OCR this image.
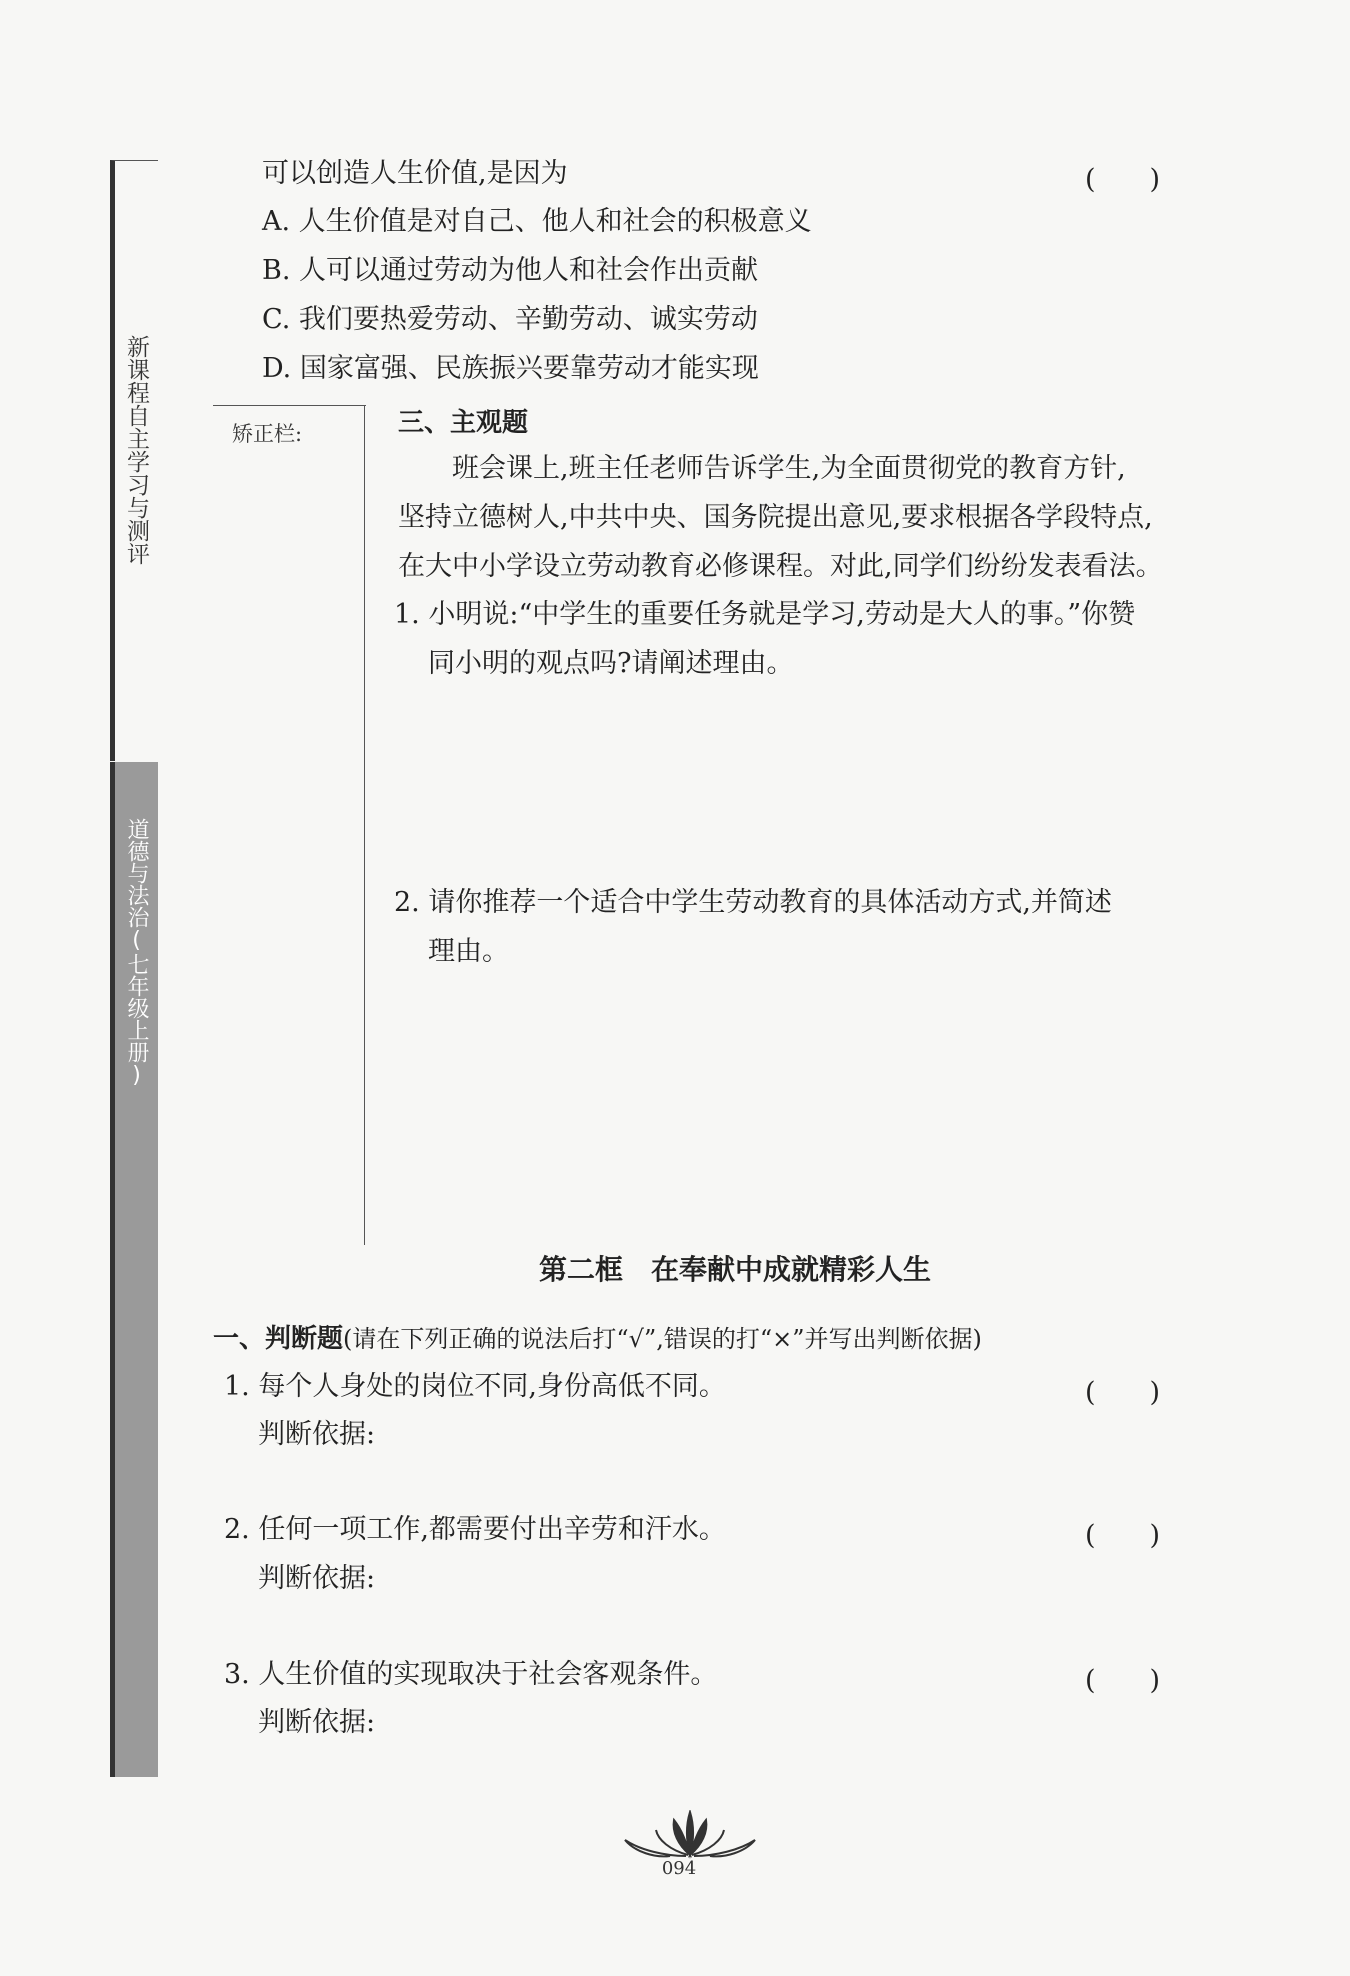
新课程自主学习与测评
道德与法治(七年级上册)
矫正栏:
可以创造人生价值,是因为	(　　)
A. 人生价值是对自己、他人和社会的积极意义
B. 人可以通过劳动为他人和社会作出贡献
C. 我们要热爱劳动、辛勤劳动、诚实劳动
D. 国家富强、民族振兴要靠劳动才能实现
三、主观题
班会课上,班主任老师告诉学生,为全面贯彻党的教育方针,
坚持立德树人,中共中央、国务院提出意见,要求根据各学段特点,
在大中小学设立劳动教育必修课程。对此,同学们纷纷发表看法。
1. 小明说:“中学生的重要任务就是学习,劳动是大人的事。”你赞
同小明的观点吗?请阐述理由。
2. 请你推荐一个适合中学生劳动教育的具体活动方式,并简述
理由。
第二框　在奉献中成就精彩人生
一、判断题(请在下列正确的说法后打“√”,错误的打“×”并写出判断依据)
1. 每个人身处的岗位不同,身份高低不同。	(　　)
判断依据:
2. 任何一项工作,都需要付出辛劳和汗水。	(　　)
判断依据:
3. 人生价值的实现取决于社会客观条件。	(　　)
判断依据:
094
